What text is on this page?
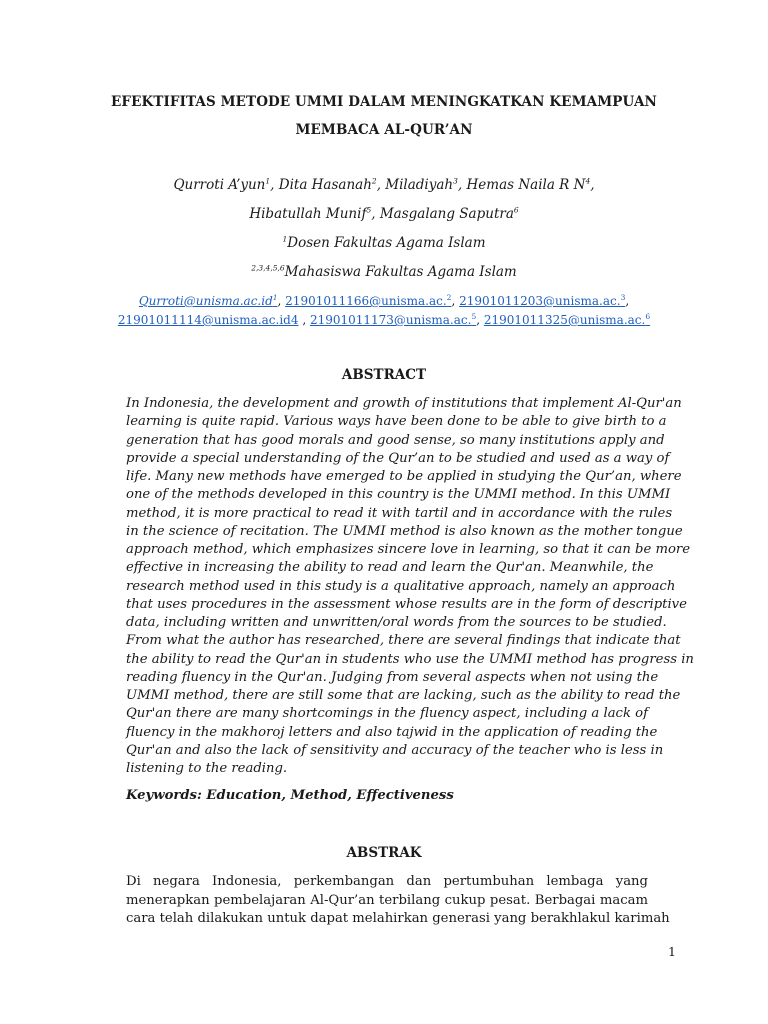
EFEKTIFITAS METODE UMMI DALAM MENINGKATKAN KEMAMPUAN
MEMBACA AL-QUR’AN
Qurroti A’yun$^1$, Dita Hasanah$^2$, Miladiyah$^3$, Hemas Naila R $N^4$,
Hibatullah Munif$^5$, Masgalang Saputra$^6$
$^1$Dosen Fakultas Agama Islam
$^{2,3,4,5,6}$Mahasiswa Fakultas Agama Islam
$Qurroti@unisma.ac.id^1$, 21901011166@unisma.ac.$^2$, 21901011203@unisma.ac.$^3$,
21901011114@unisma.ac.id4 , 21901011173@unisma.ac.$^5$, 21901011325@unisma.ac.$^6$
ABSTRACT
In Indonesia, the development and growth of institutions that implement Al-Qur'an
learning is quite rapid. Various ways have been done to be able to give birth to a
generation that has good morals and good sense, so many institutions apply and
provide a special understanding of the Qur’an to be studied and used as a way of
life. Many new methods have emerged to be applied in studying the Qur’an, where
one of the methods developed in this country is the UMMI method. In this UMMI
method, it is more practical to read it with tartil and in accordance with the rules
in the science of recitation. The UMMI method is also known as the mother tongue
approach method, which emphasizes sincere love in learning, so that it can be more
effective in increasing the ability to read and learn the Qur'an. Meanwhile, the
research method used in this study is a qualitative approach, namely an approach
that uses procedures in the assessment whose results are in the form of descriptive
data, including written and unwritten/oral words from the sources to be studied.
From what the author has researched, there are several findings that indicate that
the ability to read the Qur'an in students who use the UMMI method has progress in
reading fluency in the Qur'an. Judging from several aspects when not using the
UMMI method, there are still some that are lacking, such as the ability to read the
Qur'an there are many shortcomings in the fluency aspect, including a lack of
fluency in the makhoroj letters and also tajwid in the application of reading the
Qur'an and also the lack of sensitivity and accuracy of the teacher who is less in
listening to the reading.
Keywords: Education, Method, Effectiveness
ABSTRAK
Di negara Indonesia, perkembangan dan pertumbuhan lembaga yang
menerapkan pembelajaran Al-Qur’an terbilang cukup pesat. Berbagai macam
cara telah dilakukan untuk dapat melahirkan generasi yang berakhlakul karimah
1
